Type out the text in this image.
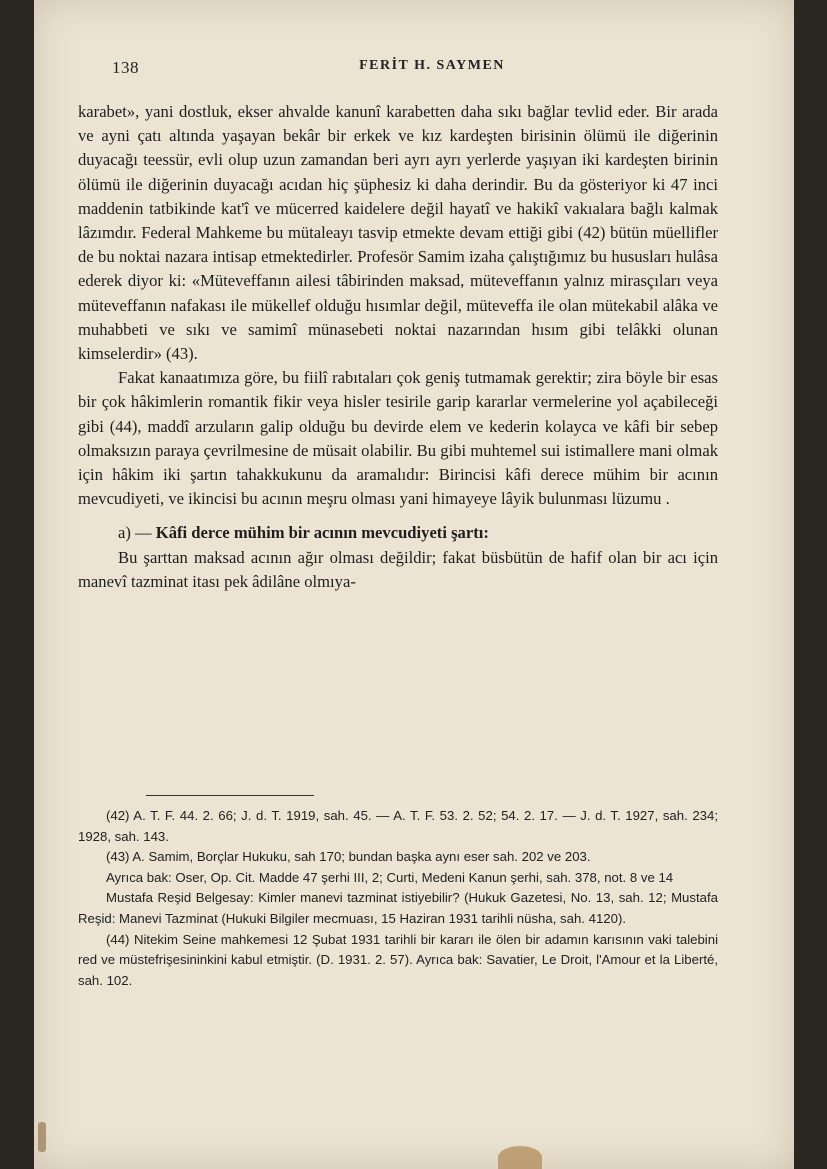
138	FERİT H. SAYMEN

karabet», yani dostluk, ekser ahvalde kanunî karabetten daha sıkı bağlar tevlid eder. Bir arada ve ayni çatı altında yaşayan bekâr bir erkek ve kız kardeşten birisinin ölümü ile diğerinin duyacağı teessür, evli olup uzun zamandan beri ayrı ayrı yerlerde yaşıyan iki kardeşten birinin ölümü ile diğerinin duyacağı acıdan hiç şüphesiz ki daha derindir. Bu da gösteriyor ki 47 inci maddenin tatbikinde kat'î ve mücerred kaidelere değil hayatî ve hakikî vakıalara bağlı kalmak lâzımdır. Federal Mahkeme bu mütaleayı tasvip etmekte devam ettiği gibi (42) bütün müellifler de bu noktai nazara intisap etmektedirler. Profesör Samim izaha çalıştığımız bu hususları hulâsa ederek diyor ki: «Müteveffanın ailesi tâbirinden maksad, müteveffanın yalnız mirasçıları veya müteveffanın nafakası ile mükellef olduğu hısımlar değil, müteveffa ile olan mütekabil alâka ve muhabbeti ve sıkı ve samimî münasebeti noktai nazarından hısım gibi telâkki olunan kimselerdir» (43).

Fakat kanaatımıza göre, bu fiilî rabıtaları çok geniş tutmamak gerektir; zira böyle bir esas bir çok hâkimlerin romantik fikir veya hisler tesirile garip kararlar vermelerine yol açabileceği gibi (44), maddî arzuların galip olduğu bu devirde elem ve kederin kolayca ve kâfi bir sebep olmaksızın paraya çevrilmesine de müsait olabilir. Bu gibi muhtemel sui istimallere mani olmak için hâkim iki şartın tahakkukunu da aramalıdır: Birincisi kâfi derece mühim bir acının mevcudiyeti, ve ikincisi bu acının meşru olması yani himayeye lâyik bulunması lüzumu .

a) — Kâfi derce mühim bir acının mevcudiyeti şartı:

Bu şarttan maksad acının ağır olması değildir; fakat büsbütün de hafif olan bir acı için manevî tazminat itası pek âdilâne olmıya-

(42) A. T. F. 44. 2. 66; J. d. T. 1919, sah. 45. — A. T. F. 53. 2. 52; 54. 2. 17. — J. d. T. 1927, sah. 234; 1928, sah. 143.

(43) A. Samim, Borçlar Hukuku, sah 170; bundan başka aynı eser sah. 202 ve 203.

Ayrıca bak: Oser, Op. Cit. Madde 47 şerhi III, 2; Curti, Medeni Kanun şerhi, sah. 378, not. 8 ve 14

Mustafa Reşid Belgesay: Kimler manevi tazminat istiyebilir? (Hukuk Gazetesi, No. 13, sah. 12; Mustafa Reşid: Manevi Tazminat (Hukuki Bilgiler mecmuası, 15 Haziran 1931 tarihli nüsha, sah. 4120).

(44) Nitekim Seine mahkemesi 12 Şubat 1931 tarihli bir kararı ile ölen bir adamın karısının vaki talebini red ve müstefrişesininkini kabul etmiştir. (D. 1931. 2. 57). Ayrıca bak: Savatier, Le Droit, l'Amour et la Liberté, sah. 102.
